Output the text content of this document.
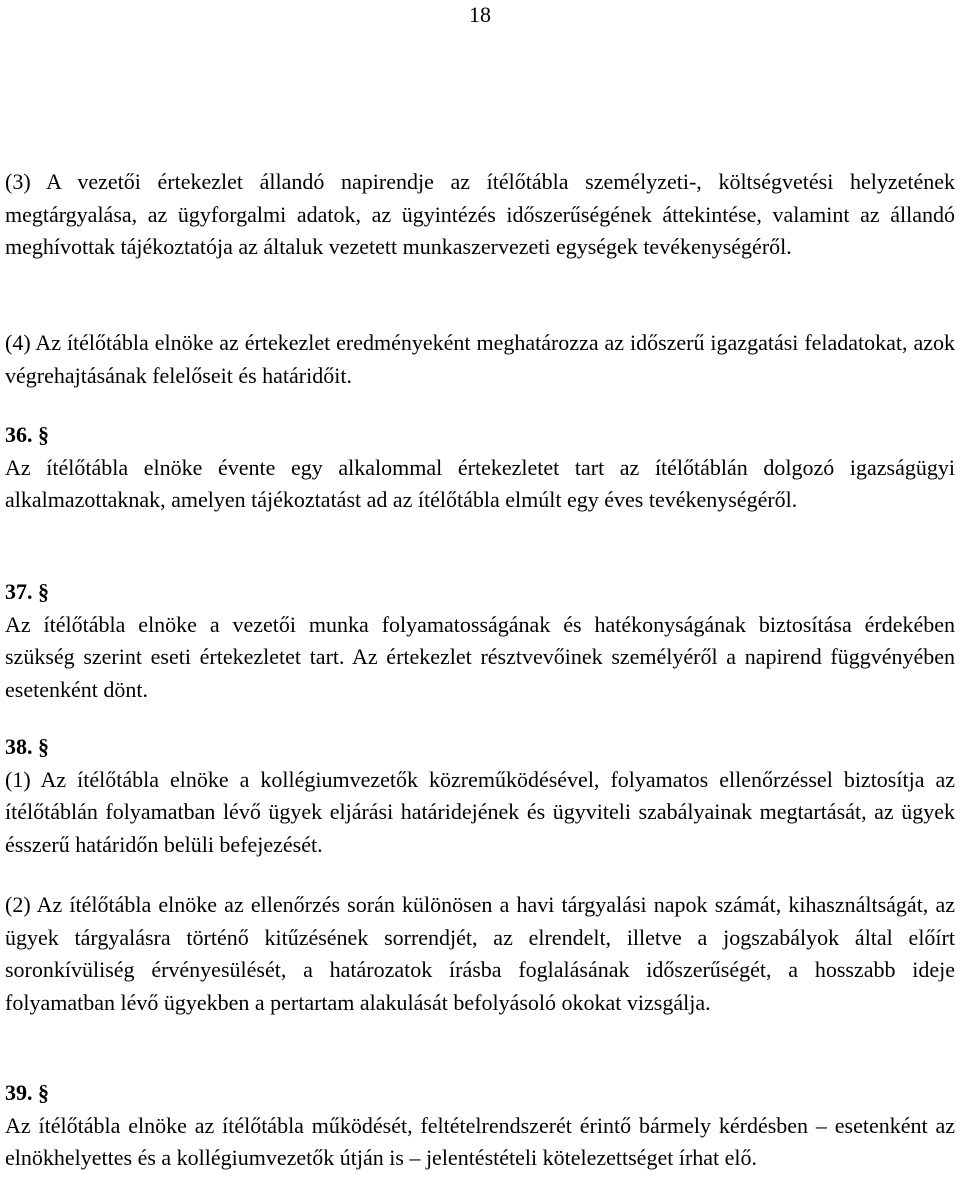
18

(3) A vezetői értekezlet állandó napirendje az ítélőtábla személyzeti-, költségvetési helyzetének megtárgyalása, az ügyforgalmi adatok, az ügyintézés időszerűségének áttekintése, valamint az állandó meghívottak tájékoztatója az általuk vezetett munkaszervezeti egységek tevékenységéről.

(4) Az ítélőtábla elnöke az értekezlet eredményeként meghatározza az időszerű igazgatási feladatokat, azok végrehajtásának felelőseit és határidőit.

36. §
Az ítélőtábla elnöke évente egy alkalommal értekezletet tart az ítélőtáblán dolgozó igazságügyi alkalmazottaknak, amelyen tájékoztatást ad az ítélőtábla elmúlt egy éves tevékenységéről.
37. §
Az ítélőtábla elnöke a vezetői munka folyamatosságának és hatékonyságának biztosítása érdekében szükség szerint eseti értekezletet tart. Az értekezlet résztvevőinek személyéről a napirend függvényében esetenként dönt.
38. §
(1) Az ítélőtábla elnöke a kollégiumvezetők közreműködésével, folyamatos ellenőrzéssel biztosítja az ítélőtáblán folyamatban lévő ügyek eljárási határidejének és ügyviteli szabályainak megtartását, az ügyek ésszerű határidőn belüli befejezését.

(2) Az ítélőtábla elnöke az ellenőrzés során különösen a havi tárgyalási napok számát, kihasználtságát, az ügyek tárgyalásra történő kitűzésének sorrendjét, az elrendelt, illetve a jogszabályok által előírt soronkívüliség érvényesülését, a határozatok írásba foglalásának időszerűségét, a hosszabb ideje folyamatban lévő ügyekben a pertartam alakulását befolyásoló okokat vizsgálja.

39. §
Az ítélőtábla elnöke az ítélőtábla működését, feltételrendszerét érintő bármely kérdésben – esetenként az elnökhelyettes és a kollégiumvezetők útján is – jelentéstételi kötelezettséget írhat elő.
